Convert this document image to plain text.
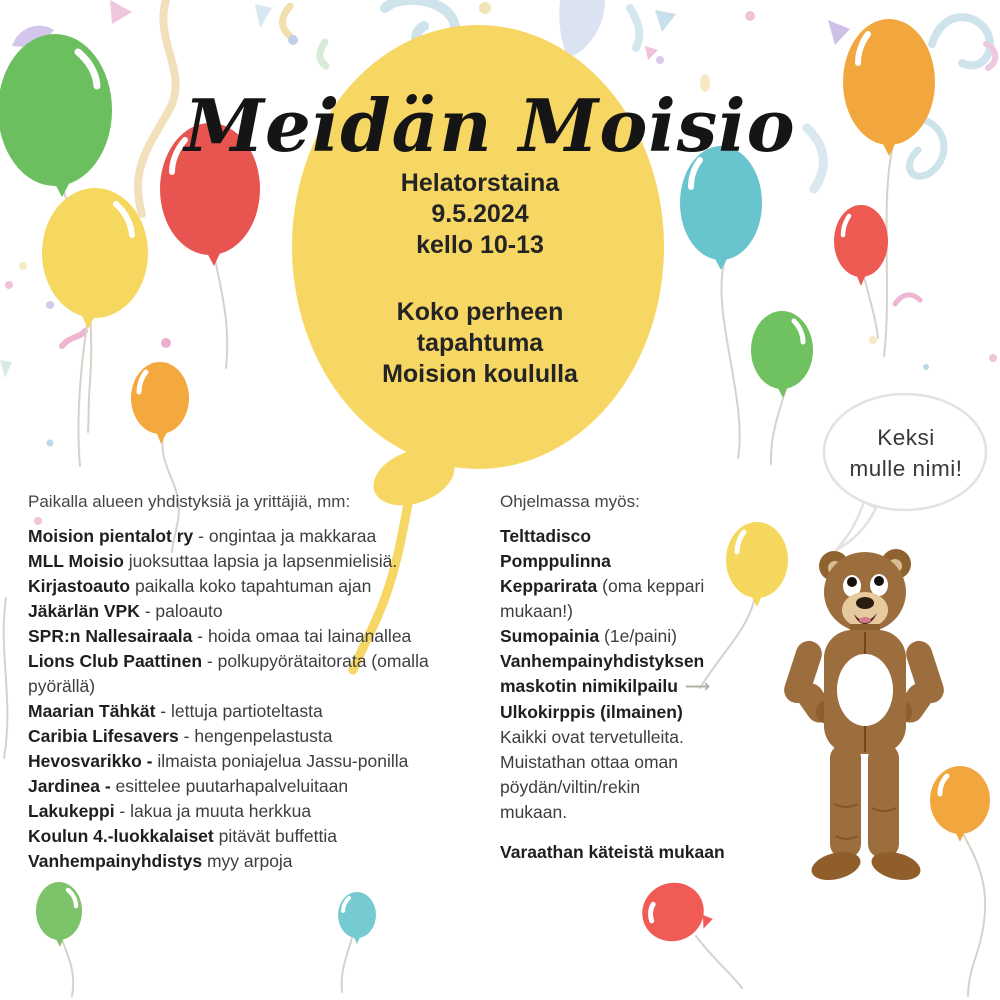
Meidän Moisio
Helatorstaina
9.5.2024
kello 10-13
Koko perheen
tapahtuma
Moision koululla
Paikalla alueen yhdistyksiä ja yrittäjiä, mm:
Moision pientalot ry - ongintaa ja makkaraa
MLL Moisio juoksuttaa lapsia ja lapsenmielisiä.
Kirjastoauto paikalla koko tapahtuman ajan
Jäkärlän VPK - paloauto
SPR:n Nallesairaala - hoida omaa tai lainanallea
Lions Club Paattinen - polkupyörätaitorata (omalla pyörällä)
Maarian Tähkät - lettuja partioteltasta
Caribia Lifesavers - hengenpelastusta
Hevosvarikko - ilmaista poniajelua Jassu-ponilla
Jardinea - esittelee puutarhapalveluitaan
Lakukeppi - lakua ja muuta herkkua
Koulun 4.-luokkalaiset pitävät buffettia
Vanhempainyhdistys myy arpoja
Ohjelmassa myös:
Telttadisco
Pomppulinna
Kepparirata (oma keppari mukaan!)
Sumopainia (1e/paini)
Vanhempainyhdistyksen maskotin nimikilpailu ⟶
Ulkokirppis (ilmainen)
Kaikki ovat tervetulleita. Muistathan ottaa oman pöydän/viltin/rekin mukaan.
Varaathan käteistä mukaan
Keksi
mulle nimi!
